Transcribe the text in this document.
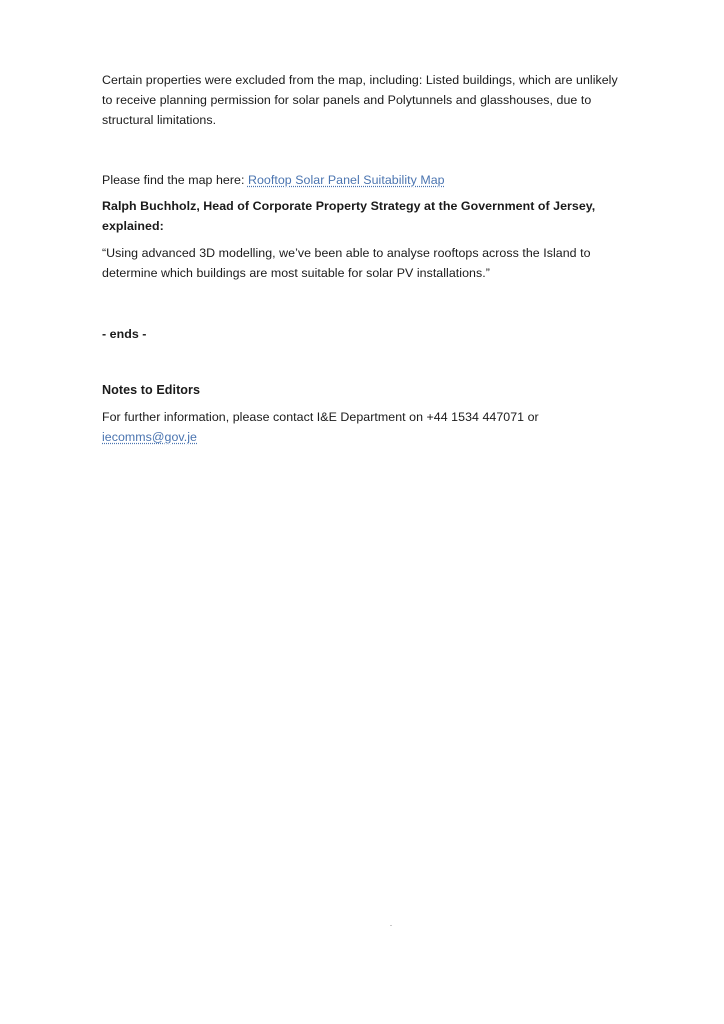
Certain properties were excluded from the map, including: Listed buildings, which are unlikely to receive planning permission for solar panels and Polytunnels and glasshouses, due to structural limitations.

Please find the map here: Rooftop Solar Panel Suitability Map

Ralph Buchholz, Head of Corporate Property Strategy at the Government of Jersey, explained:

“Using advanced 3D modelling, we’ve been able to analyse rooftops across the Island to determine which buildings are most suitable for solar PV installations.”

- ends -

Notes to Editors

For further information, please contact I&E Department on +44 1534 447071 or iecomms@gov.je
